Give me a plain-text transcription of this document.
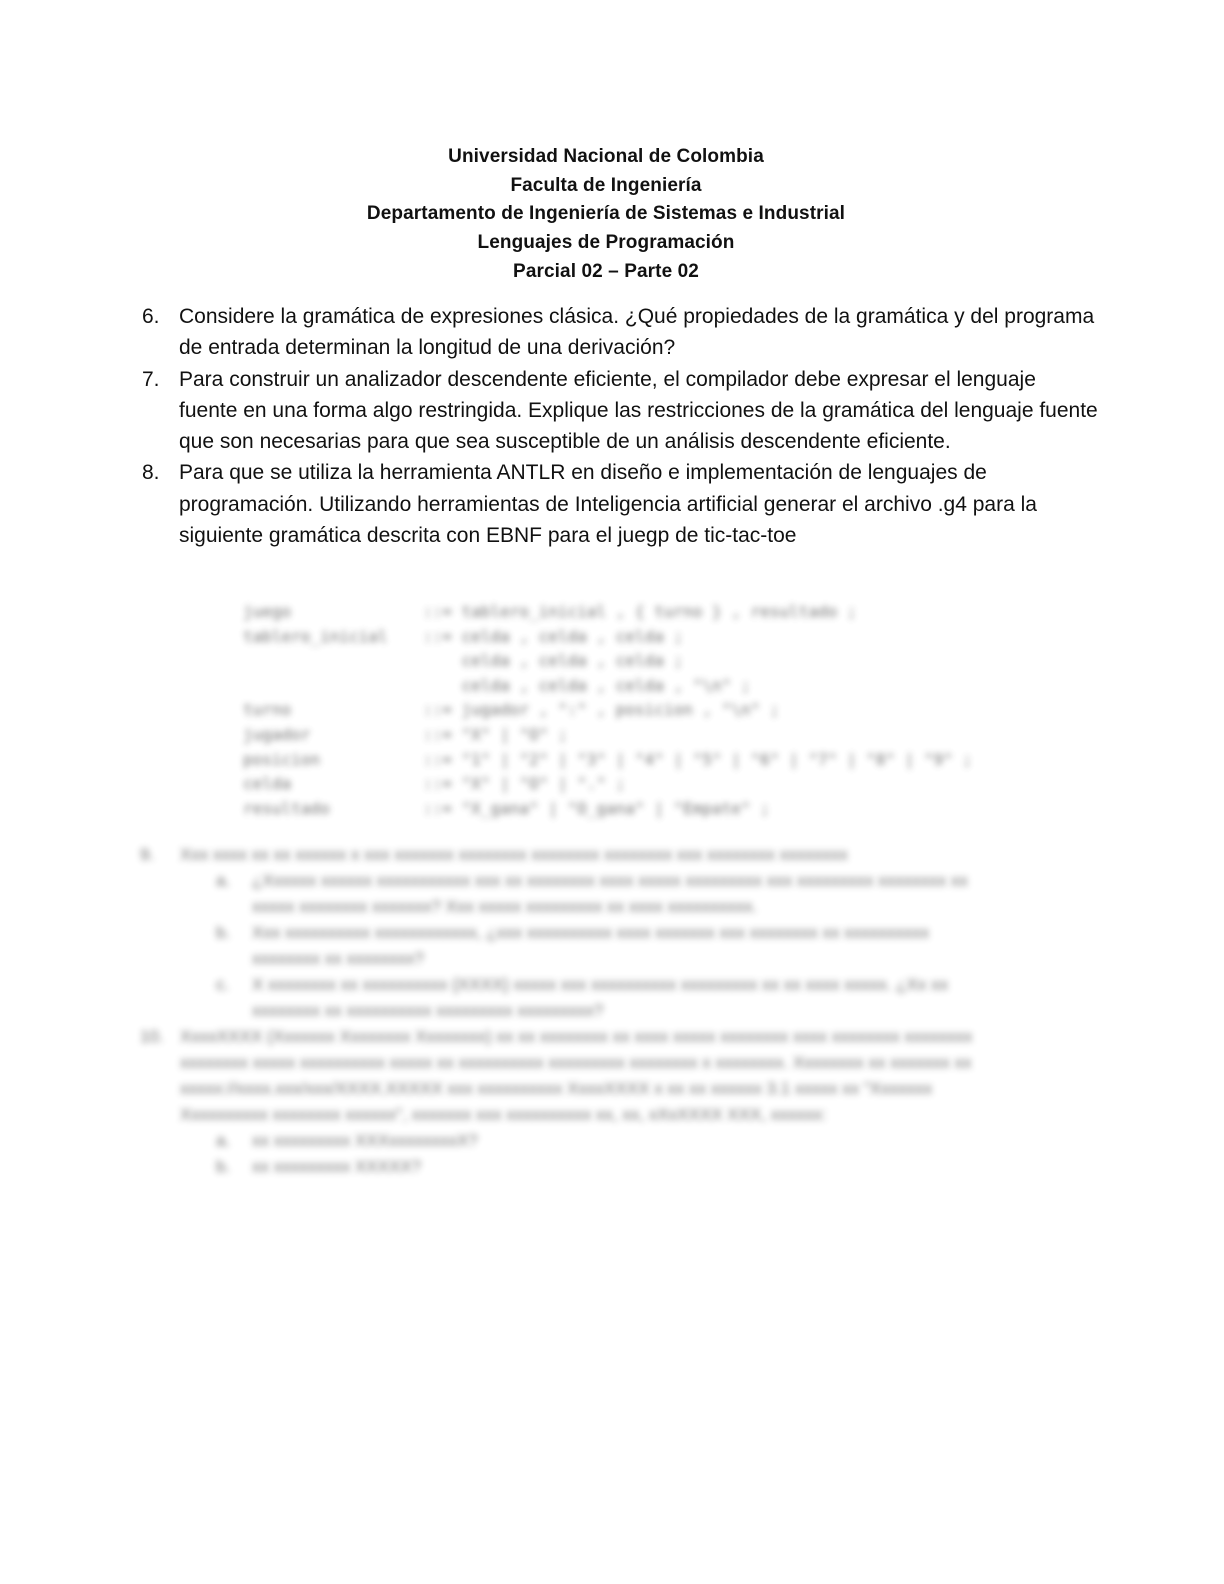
Universidad Nacional de Colombia
Faculta de Ingeniería
Departamento de Ingeniería de Sistemas e Industrial
Lenguajes de Programación
Parcial 02 – Parte 02
6. Considere la gramática de expresiones clásica. ¿Qué propiedades de la gramática y del programa de entrada determinan la longitud de una derivación?
7. Para construir un analizador descendente eficiente, el compilador debe expresar el lenguaje fuente en una forma algo restringida. Explique las restricciones de la gramática del lenguaje fuente que son necesarias para que sea susceptible de un análisis descendente eficiente.
8. Para que se utiliza la herramienta ANTLR en diseño e implementación de lenguajes de programación. Utilizando herramientas de Inteligencia artificial generar el archivo .g4 para la siguiente gramática descrita con EBNF para el juegp de tic-tac-toe
juego	::= tablero_inicial , { turno } , resultado ;
tablero_inicial ::= celda , celda , celda ;
celda , celda , celda ;
celda , celda , celda , "\n" ;
turno	::= jugador , ":" , posicion , "\n" ;
jugador	::= "X" | "O" ;
posicion	::= "1" | "2" | "3" | "4" | "5" | "6" | "7" | "8" | "9" ;
celda	::= "X" | "O" | "." ;
resultado	::= "X_gana" | "O_gana" | "Empate" ;
9. Xxx xxxx xx xx xxxxxx x xxx xxxxxxx xxxxxxxx xxxxxxxx xxxxxxxx xxx xxxxxxxx xxxxxxxx
a. ¿Xxxxxx xxxxxx xxxxxxxxxxx xxx xx xxxxxxxx xxxx xxxxx xxxxxxxxx xxx xxxxxxxxx xxxxxxxx xx
xxxxx xxxxxxxx xxxxxxx? Xxx xxxxx xxxxxxxxx xx xxxx xxxxxxxxxx.
b. Xxx xxxxxxxxxx xxxxxxxxxxxx, ¿xxx xxxxxxxxxx xxxx xxxxxxx xxx xxxxxxxx xx xxxxxxxxxx
xxxxxxxx xx xxxxxxxx?
c. X xxxxxxxx xx xxxxxxxxxx {XXXX} xxxxx xxx xxxxxxxxxx xxxxxxxxx xx xx xxxx xxxxx. ¿Xx xx
xxxxxxxx xx xxxxxxxxxx xxxxxxxxx xxxxxxxxx?
10. XxxxXXXX (Xxxxxxx Xxxxxxxx Xxxxxxxx) xx xx xxxxxxxx xx xxxx xxxxx xxxxxxxx xxxx xxxxxxxx xxxxxxxx
xxxxxxxx xxxxx xxxxxxxxxx xxxxx xx xxxxxxxxxx xxxxxxxxx xxxxxxxx x xxxxxxxx. Xxxxxxxx xx xxxxxxx xx
xxxxx://xxxx.xxx/xxx/XXXX.XXXXX xxx xxxxxxxxxx XxxxXXXX x xx xx xxxxxx 3.1 xxxxx xx "Xxxxxxx
Xxxxxxxxxx xxxxxxxx xxxxxx", xxxxxxx xxx xxxxxxxxxx xx, xx, xXxXXXX XXX, xxxxxx:
a. xx xxxxxxxxx XXXxxxxxxxxX?
b. xx xxxxxxxxx XXXXX?
